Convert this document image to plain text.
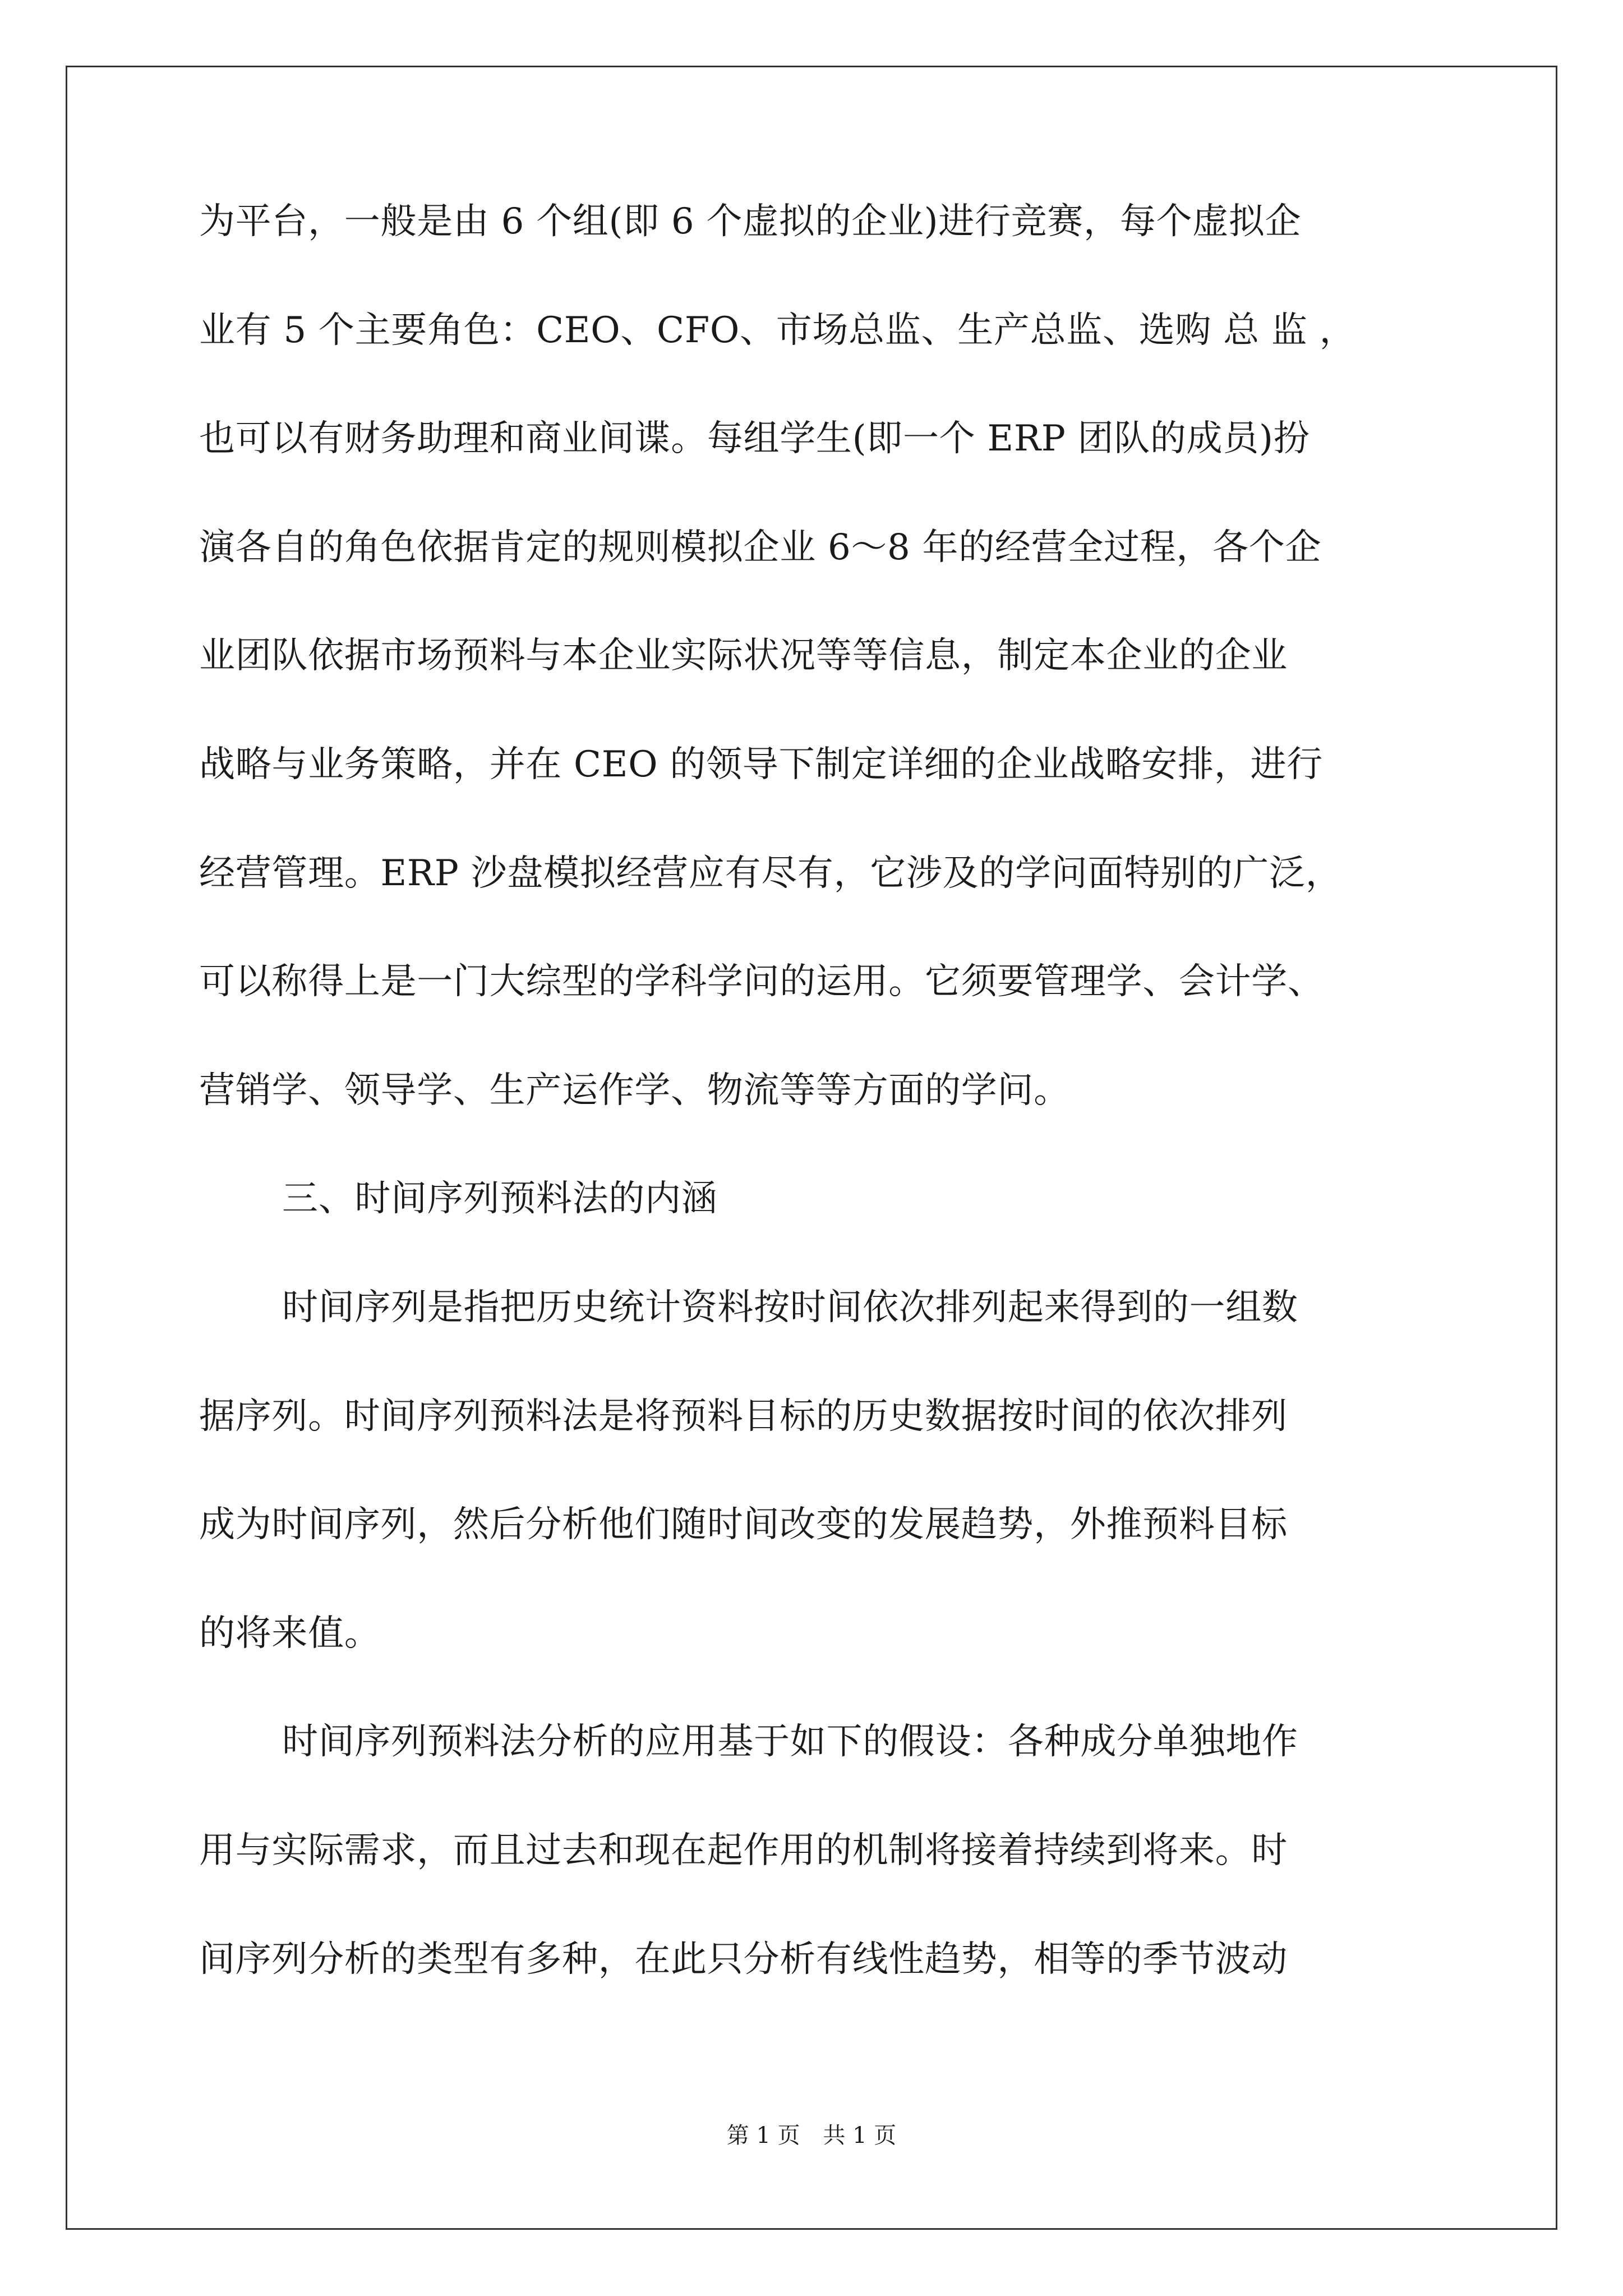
为平台，一般是由 6 个组(即 6 个虚拟的企业)进行竞赛，每个虚拟企
业有 5 个主要角色：CEO、CFO、市场总监、生产总监、选购 总 监 ，
也可以有财务助理和商业间谍。每组学生(即一个 ERP 团队的成员)扮
演各自的角色依据肯定的规则模拟企业 6～8 年的经营全过程，各个企
业团队依据市场预料与本企业实际状况等等信息，制定本企业的企业
战略与业务策略，并在 CEO 的领导下制定详细的企业战略安排，进行
经营管理。ERP 沙盘模拟经营应有尽有，它涉及的学问面特别的广泛，
可以称得上是一门大综型的学科学问的运用。它须要管理学、会计学、
营销学、领导学、生产运作学、物流等等方面的学问。
三、时间序列预料法的内涵
时间序列是指把历史统计资料按时间依次排列起来得到的一组数
据序列。时间序列预料法是将预料目标的历史数据按时间的依次排列
成为时间序列，然后分析他们随时间改变的发展趋势，外推预料目标
的将来值。
时间序列预料法分析的应用基于如下的假设：各种成分单独地作
用与实际需求，而且过去和现在起作用的机制将接着持续到将来。时
间序列分析的类型有多种，在此只分析有线性趋势，相等的季节波动
第 1 页 共 1 页
